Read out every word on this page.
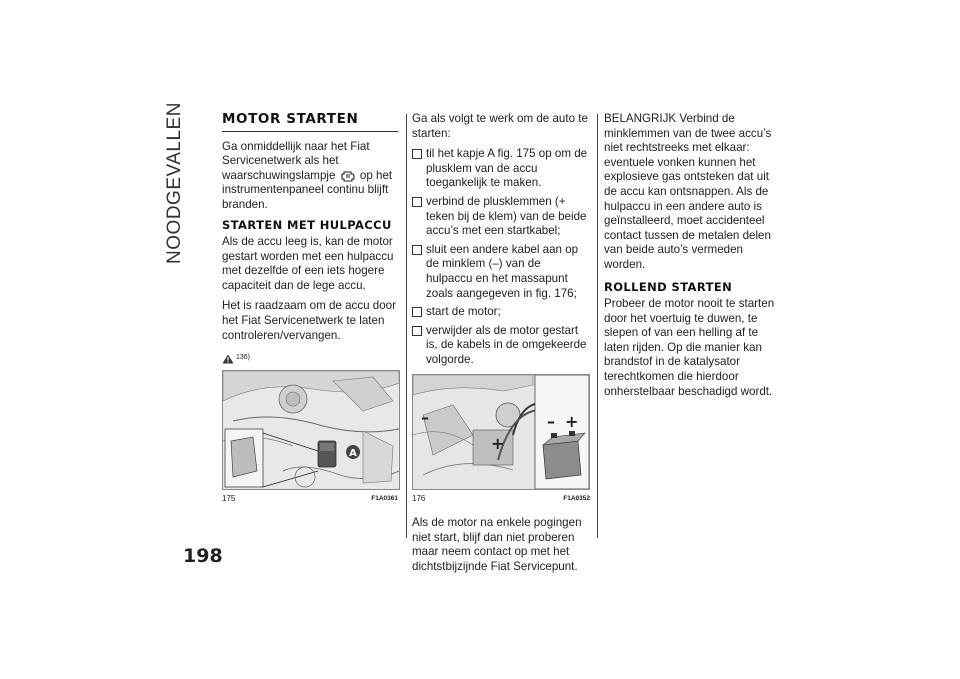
NOODGEVALLEN
198
MOTOR STARTEN

Ga onmiddellijk naar het Fiat Servicenetwerk als het waarschuwingslampje op het instrumentenpaneel continu blijft branden.

STARTEN MET HULPACCU

Als de accu leeg is, kan de motor gestart worden met een hulpaccu met dezelfde of een iets hogere capaciteit dan de lege accu.

Het is raadzaam om de accu door het Fiat Servicenetwerk te laten controleren/vervangen.

136)
A
175	F1A0361

Ga als volgt te werk om de auto te starten:

til het kapje A fig. 175 op om de plusklem van de accu toegankelijk te maken.
verbind de plusklemmen (+ teken bij de klem) van de beide accu’s met een startkabel;
sluit een andere kabel aan op de minklem (–) van de hulpaccu en het massapunt zoals aangegeven in fig. 176;
start de motor;
verwijder als de motor gestart is, de kabels in de omgekeerde volgorde.
– +
+
–
176	F1A0352

Als de motor na enkele pogingen niet start, blijf dan niet proberen maar neem contact op met het dichtstbijzijnde Fiat Servicepunt.

BELANGRIJK Verbind de minklemmen van de twee accu’s niet rechtstreeks met elkaar: eventuele vonken kunnen het explosieve gas ontsteken dat uit de accu kan ontsnappen. Als de hulpaccu in een andere auto is geïnstalleerd, moet accidenteel contact tussen de metalen delen van beide auto’s vermeden worden.

ROLLEND STARTEN

Probeer de motor nooit te starten door het voertuig te duwen, te slepen of van een helling af te laten rijden. Op die manier kan brandstof in de katalysator terechtkomen die hierdoor onherstelbaar beschadigd wordt.
